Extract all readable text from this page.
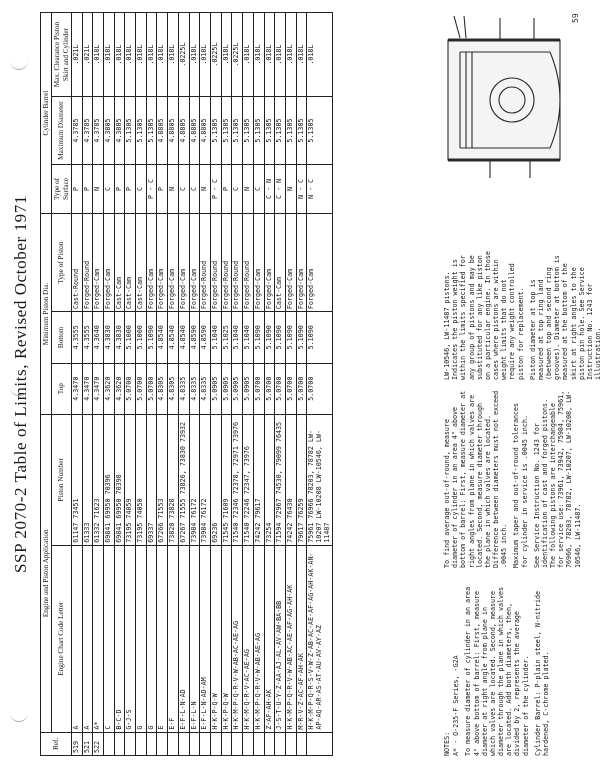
SSP 2070-2 Table of Limits, Revised October 1971
Ref.	Engine and Piston Application		Minimum Piston Dia.			Cylinder Barrel		
	Engine Chart Code Letter	Piston Number	Top	Bottom	Type of Piston	Type of Surface	Maximum Diameter	Max. Clearance Piston Skirt and Cylinder
519	A	61147 73451	4.3470	4.3555	Cast-Round	P	4.3785	.021L
521	A	61333	4.3470	4.3555	Forged-Round	P	4.3785	.021L
522	A*	61332 71623	4.3470	4.3640	Forged-Cam	N	4.3785	.018L
	C	69841 69950 70396	4.3620	4.3830	Forged-Cam	C	4.3805	.018L
	B-C-D	69841 69950 70398	4.3620	4.3830	Cast-Cam	P	4.3805	.018L
	G-J-S	73195 74059	5.0700	5.1000	Cast-Cam	P	5.1305	.018L
	G	73195 74050	5.0700	5.1000	Cast-Cam	C	5.1305	.018L
	G	69337	5.0700	5.1090	Forged-Cam	P - C	5.1305	.018L
	E	67266 71553	4.8305	4.8540	Forged-Cam	P	4.8805	.018L
	E-F	73820 73828	4.8305	4.8540	Forged-Cam	N	4.8805	.018L
	E-F-L-N-AD	67267 71555 73826, 73830 73932	4.8335	4.8540	Forged-Cam	C	4.8805	.0225L
	E-F-L-N	73984 76172	4.8335	4.8590	Forged-Cam	C	4.8805	.018L
	E-F-L-N-AD-AM	73984 76172	4.8335	4.8590	Forged-Round	N	4.8805	.018L
	H-K-P-Q-W	69236	5.0905	5.1040	Forged-Round	P - C	5.1305	.0225L
	H-K-P-Q-W	71545 71609	5.0905	5.1025	Forged-Round	P	5.1305	.018L
	H-K-M-P-Q-R-V-W-AB-AC-AE-AG	71540 72346 72378, 72971 73976	5.0905	5.1040	Forged-Round	C	5.1305	.0225L
	H-K-M-Q-R-V-AC-AE-AG	71540 72246 72347, 73976	5.0905	5.1040	Forged-Round	N	5.1305	.018L
	H-K-M-P-Q-R-V-W-AB-AE-AG	74242 79617	5.0700	5.1090	Forged-Cam	C	5.1305	.018L
	Z-AF-AH-AK	73254	5.0700	5.1090	Forged-Cam	C - N	5.1305	.018L
	J-S-T-U-Y-Z-AA-AJ-AL-AV-AW-BA-BB	71594 72967 74530, 79099 76435	5.0700	5.1090	Cast-Cam	C - N	5.1305	.018L
	H-K-M-P-Q-R-V-W-AB-AC-AE-AF-AG-AH-AK	74242 76430	5.0700	5.1090	Forged-Cam	N	5.1305	.018L
	M-R-V-Z-AC-AF-AH-AK	79617 76259	5.0700	5.1090	Forged-Cam	N - C	5.1305	.018L
	H-K-M-P-Q-R-S-V-W-Z-AB-AC-AE-AF-AG-AH-AK-AN-AP-AQ-AR-AS-AT-AU-AV-AY-AZ	75961 76966 78203, 78782 LW-10207 LW-10208 LW-10546, LW-11487	5.0700	5.1090	Forged-Cam	N - C	5.1305	.018L

NOTES: A* - O-235-F Series, -G2A To measure diameter of cylinder in an area 4" above bottom of barrel: First, measure diameter at right angle from plane in which valves are located. Second, measure diameter through the plane in which valves are located. Add both diameters, then, divided by 2, represents the average diameter of the cylinder. Cylinder Barrel: P-plain steel, N-nitride hardened, C-chrome plated.

To find average out-of-round, measure diameter of cylinder in an area 4" above bottom of barrel: First, measure diameter at right angles from plane in which valves are located. Second, measure diameter through the plane in which valves are located. Difference between diameters must not exceed .0045 inch. Maximum taper and out-of-round tolerances for cylinder in service is .0045 inch. See Service Instruction No. 1243 for identification of cast and forged pistons. The following pistons are interchangeable for service use: 73961, 73942, 75984, 75961, 76966, 78203, 78782, LW-10207, LW-10208, LW-10546, LW-11487.

LW-10546, LW-11487 pistons. Indicates the piston weight is within the limits specified for any group of pistons and may be substituted for any like piston on a particular engine. In those cases where pistons are within weight limits that do not require any weight controlled piston for replacement. Piston diameter at top is measured at top ring land (between top and second ring grooves). Diameter at bottom is measured at the bottom of the skirt at right angles to the piston pin hole. See Service Instruction No. 1243 for illustration.

59
